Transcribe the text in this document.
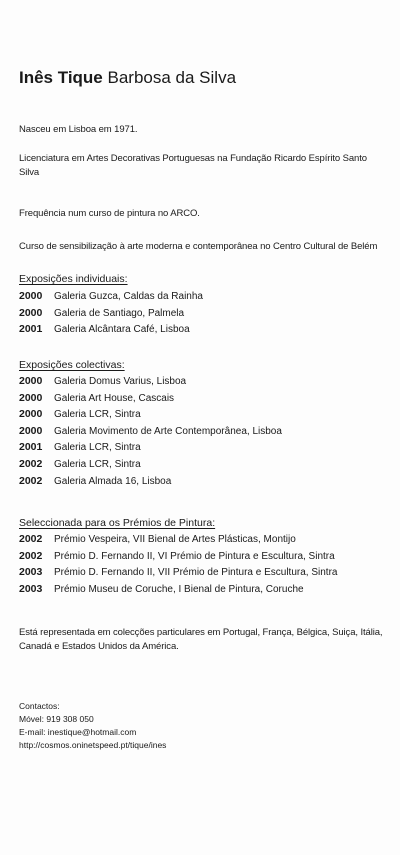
Inês Tique Barbosa da Silva
Nasceu em Lisboa em 1971.
Licenciatura em Artes Decorativas Portuguesas na Fundação Ricardo Espírito Santo Silva
Frequência num curso de pintura no ARCO.
Curso de sensibilização à arte moderna e contemporânea no Centro Cultural de Belém
Exposições individuais:
2000 Galeria Guzca, Caldas da Rainha
2000 Galeria de Santiago, Palmela
2001 Galeria Alcântara Café, Lisboa
Exposições colectivas:
2000 Galeria Domus Varius, Lisboa
2000 Galeria Art House, Cascais
2000 Galeria LCR, Sintra
2000 Galeria Movimento de Arte Contemporânea, Lisboa
2001 Galeria LCR, Sintra
2002 Galeria LCR, Sintra
2002 Galeria Almada 16, Lisboa
Seleccionada para os Prémios de Pintura:
2002 Prémio Vespeira, VII Bienal de Artes Plásticas, Montijo
2002 Prémio D. Fernando II, VI Prémio de Pintura e Escultura, Sintra
2003 Prémio D. Fernando II, VII Prémio de Pintura e Escultura, Sintra
2003 Prémio Museu de Coruche, I Bienal de Pintura, Coruche
Está representada em colecções particulares em Portugal, França, Bélgica, Suiça, Itália, Canadá e Estados Unidos da América.
Contactos:
Móvel: 919 308 050
E-mail: inestique@hotmail.com
http://cosmos.oninetspeed.pt/tique/ines
